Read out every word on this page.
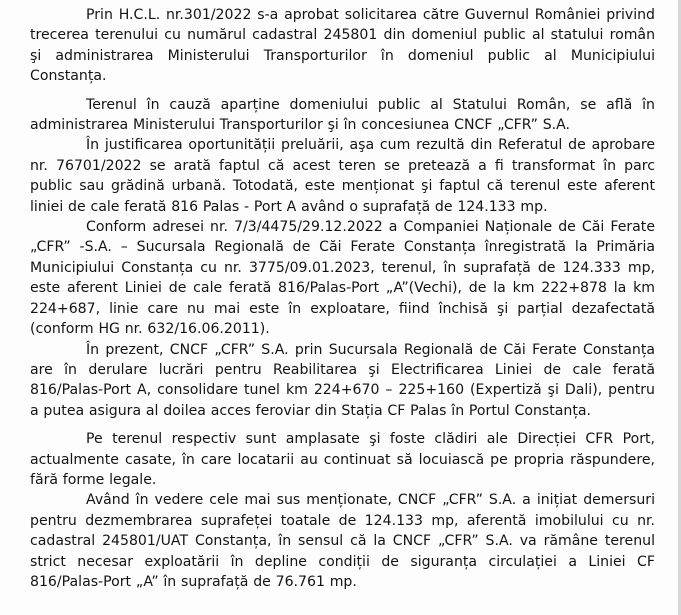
Prin H.C.L. nr.301/2022 s-a aprobat solicitarea către Guvernul României privind trecerea terenului cu numărul cadastral 245801 din domeniul public al statului român şi administrarea Ministerului Transporturilor în domeniul public al Municipiului Constanța.

Terenul în cauză aparține domeniului public al Statului Român, se află în administrarea Ministerului Transporturilor şi în concesiunea CNCF „CFR” S.A.

În justificarea oportunității preluării, aşa cum rezultă din Referatul de aprobare nr. 76701/2022 se arată faptul că acest teren se pretează a fi transformat în parc public sau grădină urbană. Totodată, este menționat şi faptul că terenul este aferent liniei de cale ferată 816 Palas - Port A având o suprafață de 124.133 mp.

Conform adresei nr. 7/3/4475/29.12.2022 a Companiei Naționale de Căi Ferate „CFR” -S.A. – Sucursala Regională de Căi Ferate Constanța înregistrată la Primăria Municipiului Constanța cu nr. 3775/09.01.2023, terenul, în suprafață de 124.333 mp, este aferent Liniei de cale ferată 816/Palas-Port „A”(Vechi), de la km 222+878 la km 224+687, linie care nu mai este în exploatare, fiind închisă şi parțial dezafectată (conform HG nr. 632/16.06.2011).

În prezent, CNCF „CFR” S.A. prin Sucursala Regională de Căi Ferate Constanța are în derulare lucrări pentru Reabilitarea şi Electrificarea Liniei de cale ferată 816/Palas-Port A, consolidare tunel km 224+670 – 225+160 (Expertiză şi Dali), pentru a putea asigura al doilea acces feroviar din Stația CF Palas în Portul Constanța.

Pe terenul respectiv sunt amplasate şi foste clădiri ale Direcției CFR Port, actualmente casate, în care locatarii au continuat să locuiască pe propria răspundere, fără forme legale.

Având în vedere cele mai sus menționate, CNCF „CFR” S.A. a inițiat demersuri pentru dezmembrarea suprafeței toatale de 124.133 mp, aferentă imobilului cu nr. cadastral 245801/UAT Constanța, în sensul că la CNCF „CFR” S.A. va rămâne terenul strict necesar exploatării în depline condiții de siguranța circulației a Liniei CF 816/Palas-Port „A” în suprafață de 76.761 mp.
